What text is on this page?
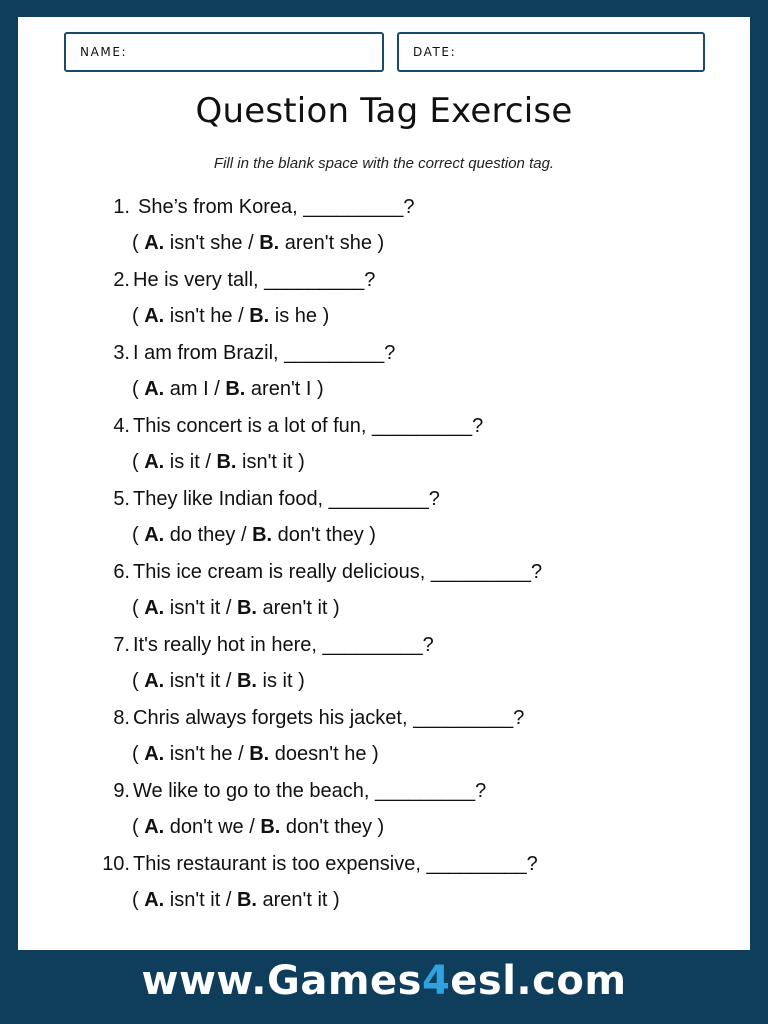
NAME:	DATE:
Question Tag Exercise

Fill in the blank space with the correct question tag.

1. She’s from Korea, _________?
( A. isn't she / B. aren't she )
2. He is very tall, _________?
( A. isn't he / B. is he )
3. I am from Brazil, _________?
( A. am I / B. aren't I )
4. This concert is a lot of fun, _________?
( A. is it / B. isn't it )
5. They like Indian food, _________?
( A. do they / B. don't they )
6. This ice cream is really delicious, _________?
( A. isn't it / B. aren't it )
7. It's really hot in here, _________?
( A. isn't it / B. is it )
8. Chris always forgets his jacket, _________?
( A. isn't he / B. doesn't he )
9. We like to go to the beach, _________?
( A. don't we / B. don't they )
10. This restaurant is too expensive, _________?
( A. isn't it / B. aren't it )
www.Games4esl.com
